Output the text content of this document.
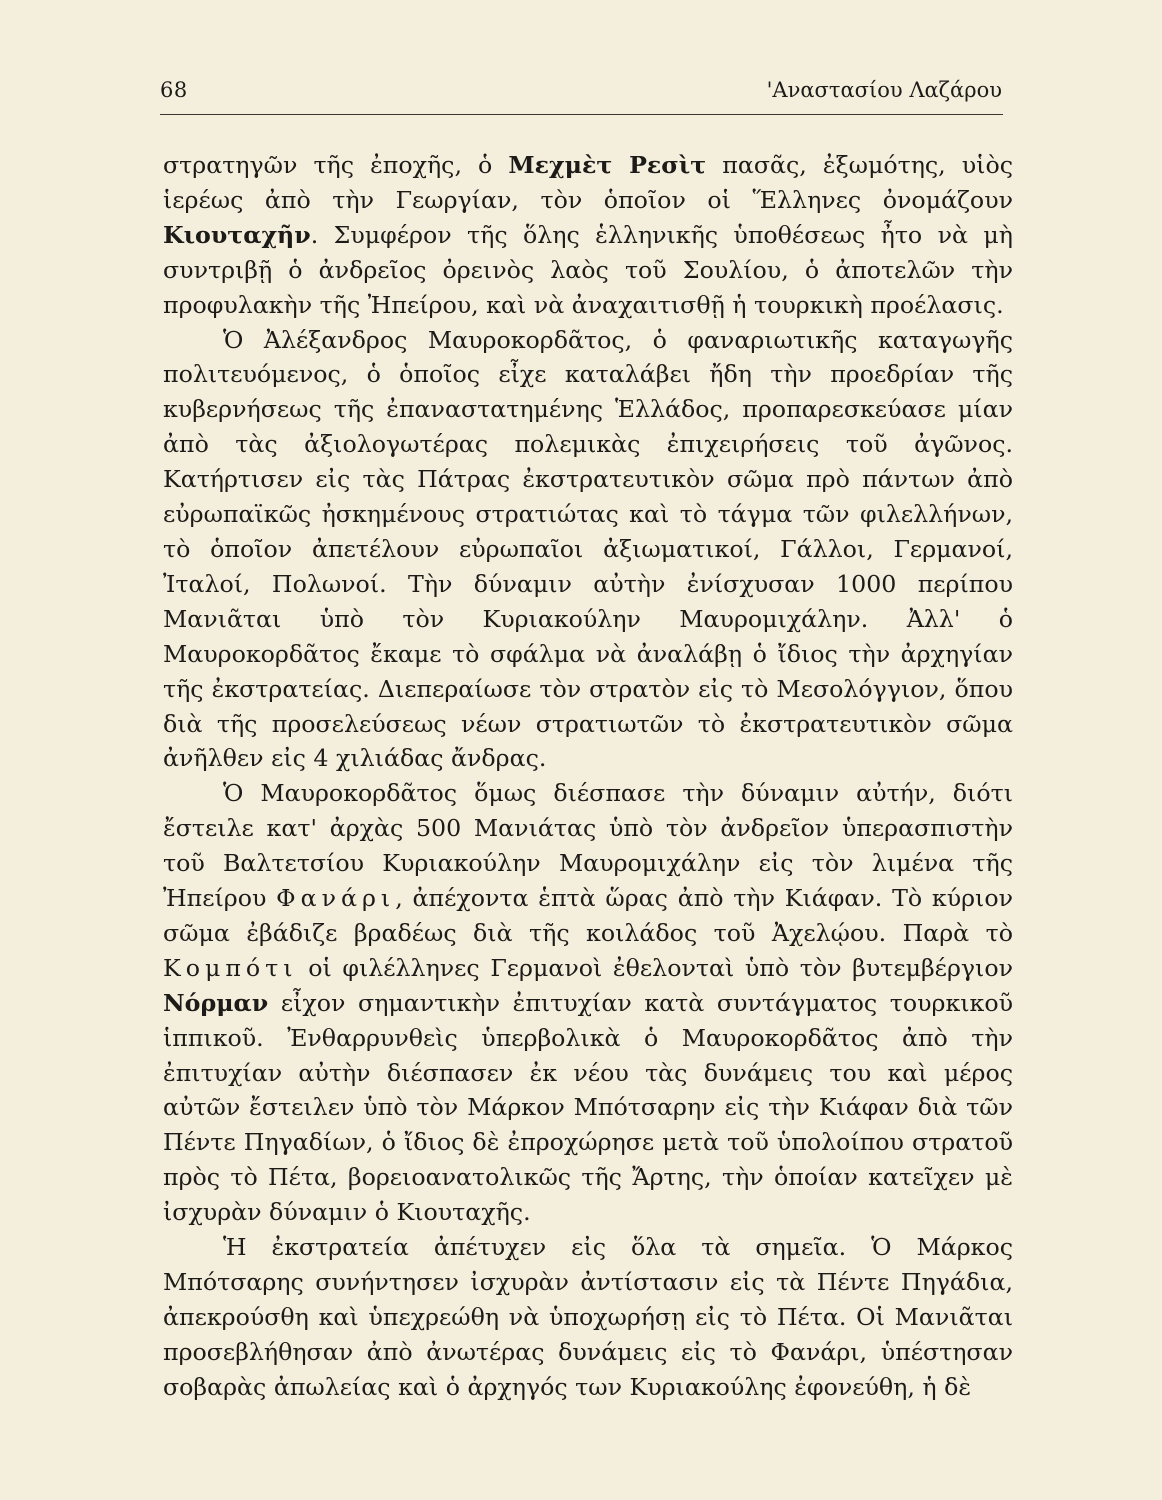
68	'Αναστασίου Λαζάρου

στρατηγῶν τῆς ἐποχῆς, ὁ Μεχμὲτ Ρεσὶτ πασᾶς, ἐξωμότης, υἱὸς ἱερέως ἀπὸ τὴν Γεωργίαν, τὸν ὁποῖον οἱ Ἕλληνες ὀνομάζουν Κιουταχῆν. Συμφέρον τῆς ὅλης ἑλληνικῆς ὑποθέσεως ἦτο νὰ μὴ συντριβῇ ὁ ἀνδρεῖος ὀρεινὸς λαὸς τοῦ Σουλίου, ὁ ἀποτελῶν τὴν προφυλακὴν τῆς Ἠπείρου, καὶ νὰ ἀναχαιτισθῇ ἡ τουρκικὴ προέλασις.

Ὁ Ἀλέξανδρος Μαυροκορδᾶτος, ὁ φαναριωτικῆς καταγωγῆς πολιτευόμενος, ὁ ὁποῖος εἶχε καταλάβει ἤδη τὴν προεδρίαν τῆς κυβερνήσεως τῆς ἐπαναστατημένης Ἑλλάδος, προπαρεσκεύασε μίαν ἀπὸ τὰς ἀξιολογωτέρας πολεμικὰς ἐπιχειρήσεις τοῦ ἀγῶνος. Κατήρτισεν εἰς τὰς Πάτρας ἐκστρατευτικὸν σῶμα πρὸ πάντων ἀπὸ εὐρωπαϊκῶς ἠσκημένους στρατιώτας καὶ τὸ τάγμα τῶν φιλελλήνων, τὸ ὁποῖον ἀπετέλουν εὐρωπαῖοι ἀξιωματικοί, Γάλλοι, Γερμανοί, Ἰταλοί, Πολωνοί. Τὴν δύναμιν αὐτὴν ἐνίσχυσαν 1000 περίπου Μανιᾶται ὑπὸ τὸν Κυριακούλην Μαυρομιχάλην. Ἀλλ' ὁ Μαυροκορδᾶτος ἔκαμε τὸ σφάλμα νὰ ἀναλάβῃ ὁ ἴδιος τὴν ἀρχηγίαν τῆς ἐκστρατείας. Διεπεραίωσε τὸν στρατὸν εἰς τὸ Μεσολόγγιον, ὅπου διὰ τῆς προσελεύσεως νέων στρατιωτῶν τὸ ἐκστρατευτικὸν σῶμα ἀνῆλθεν εἰς 4 χιλιάδας ἄνδρας.

Ὁ Μαυροκορδᾶτος ὅμως διέσπασε τὴν δύναμιν αὐτήν, διότι ἔστειλε κατ' ἀρχὰς 500 Μανιάτας ὑπὸ τὸν ἀνδρεῖον ὑπερασπιστὴν τοῦ Βαλτετσίου Κυριακούλην Μαυρομιχάλην εἰς τὸν λιμένα τῆς Ἠπείρου Φανάρι, ἀπέχοντα ἑπτὰ ὥρας ἀπὸ τὴν Κιάφαν. Τὸ κύριον σῶμα ἐβάδιζε βραδέως διὰ τῆς κοιλάδος τοῦ Ἀχελῴου. Παρὰ τὸ Κομπότι οἱ φιλέλληνες Γερμανοὶ ἐθελονταὶ ὑπὸ τὸν βυτεμβέργιον Νόρμαν εἶχον σημαντικὴν ἐπιτυχίαν κατὰ συντάγματος τουρκικοῦ ἱππικοῦ. Ἐνθαρρυνθεὶς ὑπερβολικὰ ὁ Μαυροκορδᾶτος ἀπὸ τὴν ἐπιτυχίαν αὐτὴν διέσπασεν ἐκ νέου τὰς δυνάμεις του καὶ μέρος αὐτῶν ἔστειλεν ὑπὸ τὸν Μάρκον Μπότσαρην εἰς τὴν Κιάφαν διὰ τῶν Πέντε Πηγαδίων, ὁ ἴδιος δὲ ἐπροχώρησε μετὰ τοῦ ὑπολοίπου στρατοῦ πρὸς τὸ Πέτα, βορειοανατολικῶς τῆς Ἄρτης, τὴν ὁποίαν κατεῖχεν μὲ ἰσχυρὰν δύναμιν ὁ Κιουταχῆς.

Ἡ ἐκστρατεία ἀπέτυχεν εἰς ὅλα τὰ σημεῖα. Ὁ Μάρκος Μπότσαρης συνήντησεν ἰσχυρὰν ἀντίστασιν εἰς τὰ Πέντε Πηγάδια, ἀπεκρούσθη καὶ ὑπεχρεώθη νὰ ὑποχωρήσῃ εἰς τὸ Πέτα. Οἱ Μανιᾶται προσεβλήθησαν ἀπὸ ἀνωτέρας δυνάμεις εἰς τὸ Φανάρι, ὑπέστησαν σοβαρὰς ἀπωλείας καὶ ὁ ἀρχηγός των Κυριακούλης ἐφονεύθη, ἡ δὲ
